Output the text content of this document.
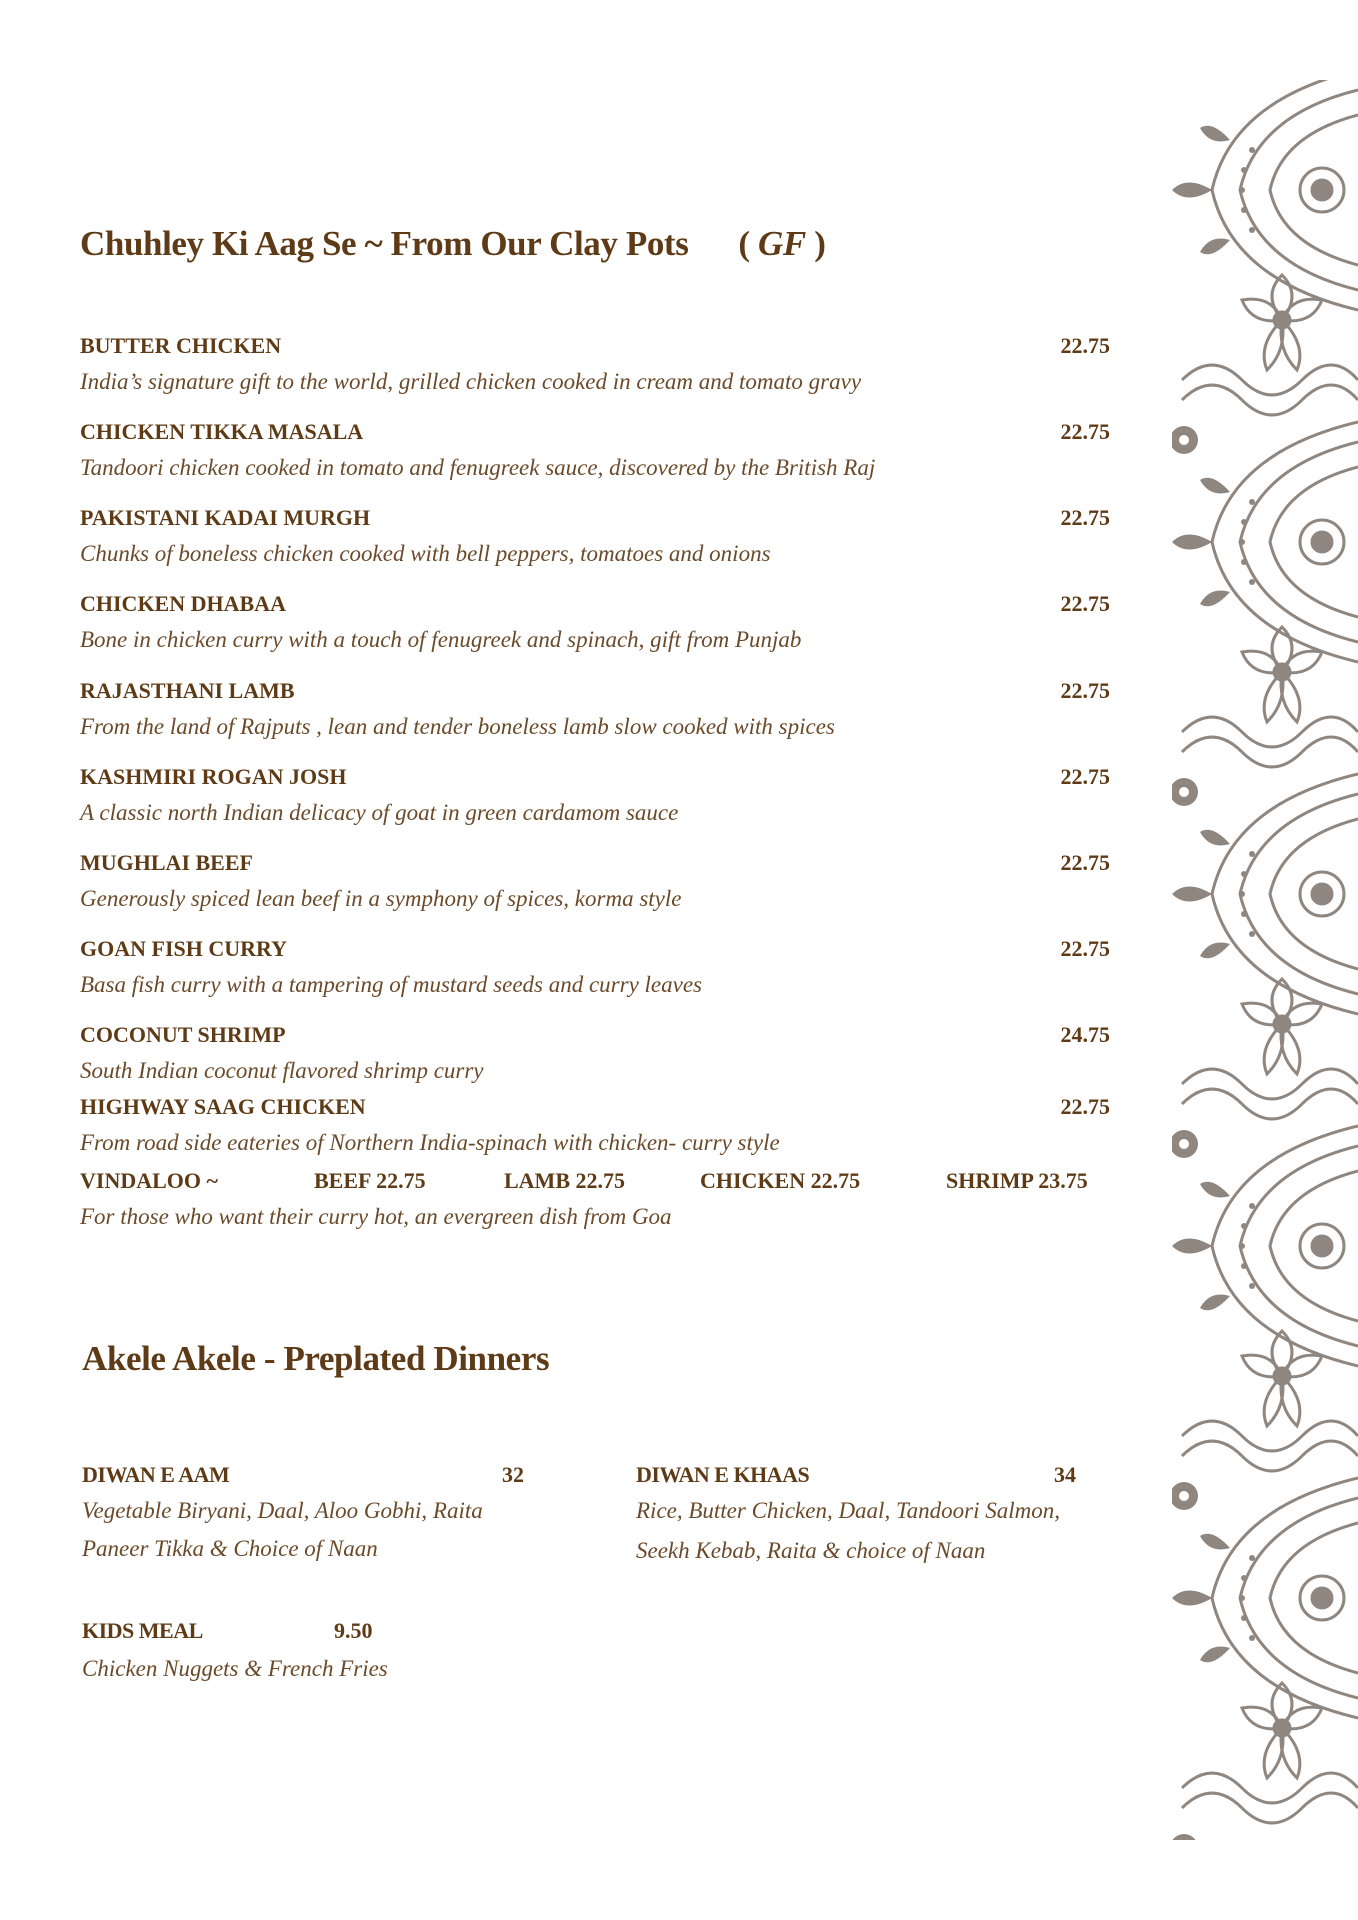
Chuhley Ki Aag Se ~ From Our Clay Pots ( GF )
BUTTER CHICKEN	22.75
India’s signature gift to the world, grilled chicken cooked in cream and tomato gravy
CHICKEN TIKKA MASALA	22.75
Tandoori chicken cooked in tomato and fenugreek sauce, discovered by the British Raj
PAKISTANI KADAI MURGH	22.75
Chunks of boneless chicken cooked with bell peppers, tomatoes and onions
CHICKEN DHABAA	22.75
Bone in chicken curry with a touch of fenugreek and spinach, gift from Punjab
RAJASTHANI LAMB	22.75
From the land of Rajputs , lean and tender boneless lamb slow cooked with spices
KASHMIRI ROGAN JOSH	22.75
A classic north Indian delicacy of goat in green cardamom sauce
MUGHLAI BEEF	22.75
Generously spiced lean beef in a symphony of spices, korma style
GOAN FISH CURRY	22.75
Basa fish curry with a tampering of mustard seeds and curry leaves
COCONUT SHRIMP	24.75
South Indian coconut flavored shrimp curry
HIGHWAY SAAG CHICKEN	22.75
From road side eateries of Northern India-spinach with chicken- curry style
VINDALOO ~	BEEF 22.75	LAMB 22.75	CHICKEN 22.75	SHRIMP 23.75
For those who want their curry hot, an evergreen dish from Goa
Akele Akele - Preplated Dinners
DIWAN E AAM	32
Vegetable Biryani, Daal, Aloo Gobhi, Raita
Paneer Tikka & Choice of Naan
DIWAN E KHAAS	34
Rice, Butter Chicken, Daal, Tandoori Salmon,
Seekh Kebab, Raita & choice of Naan
KIDS MEAL	9.50
Chicken Nuggets & French Fries
